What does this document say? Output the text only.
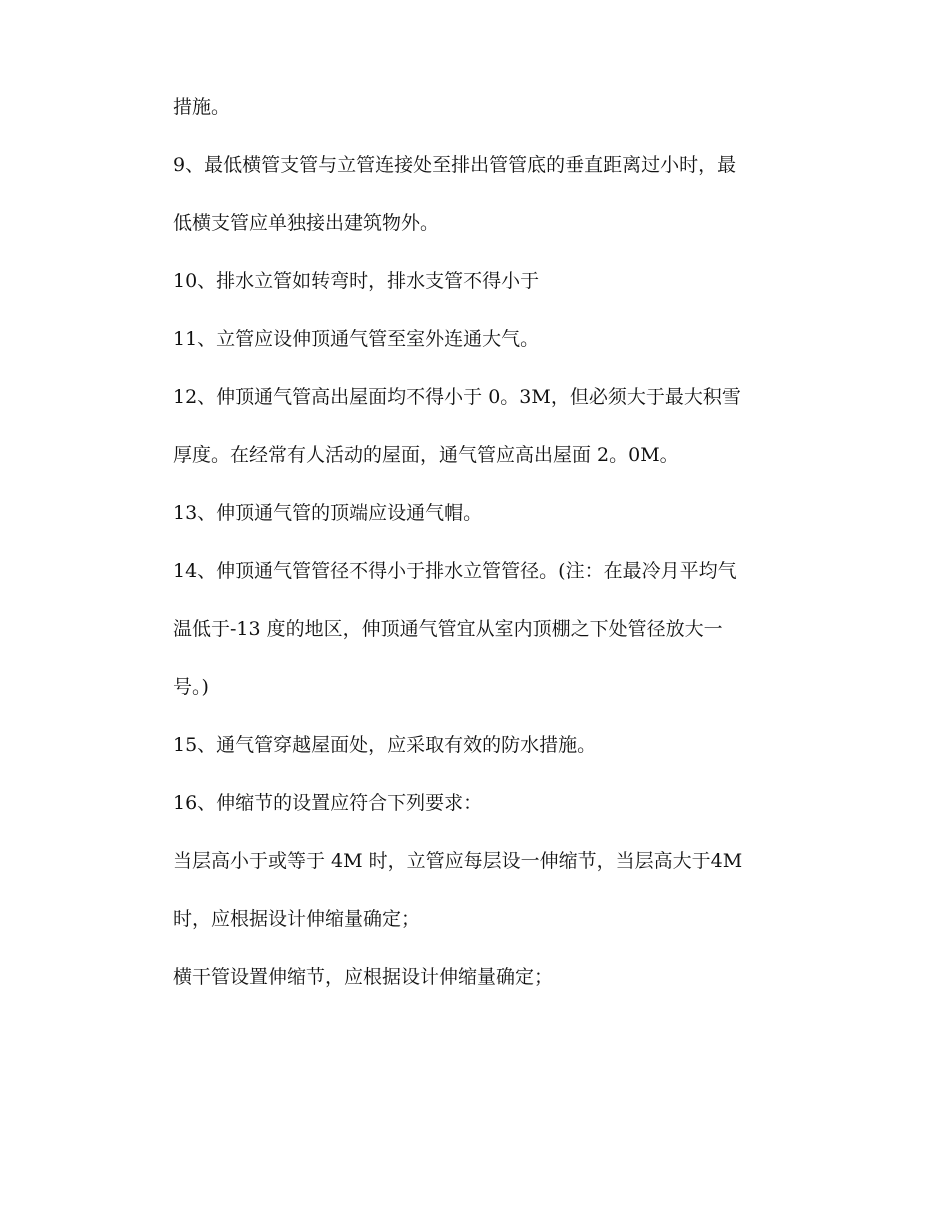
措施。
9、最低横管支管与立管连接处至排出管管底的垂直距离过小时，最
低横支管应单独接出建筑物外。
10、排水立管如转弯时，排水支管不得小于
11、立管应设伸顶通气管至室外连通大气。
12、伸顶通气管高出屋面均不得小于 0。3M，但必须大于最大积雪
厚度。在经常有人活动的屋面，通气管应高出屋面 2。0M。
13、伸顶通气管的顶端应设通气帽。
14、伸顶通气管管径不得小于排水立管管径。(注：在最冷月平均气
温低于-13 度的地区，伸顶通气管宜从室内顶棚之下处管径放大一
号。)
15、通气管穿越屋面处，应采取有效的防水措施。
16、伸缩节的设置应符合下列要求：
当层高小于或等于 4M 时，立管应每层设一伸缩节，当层高大于4M
时，应根据设计伸缩量确定；
横干管设置伸缩节，应根据设计伸缩量确定；
